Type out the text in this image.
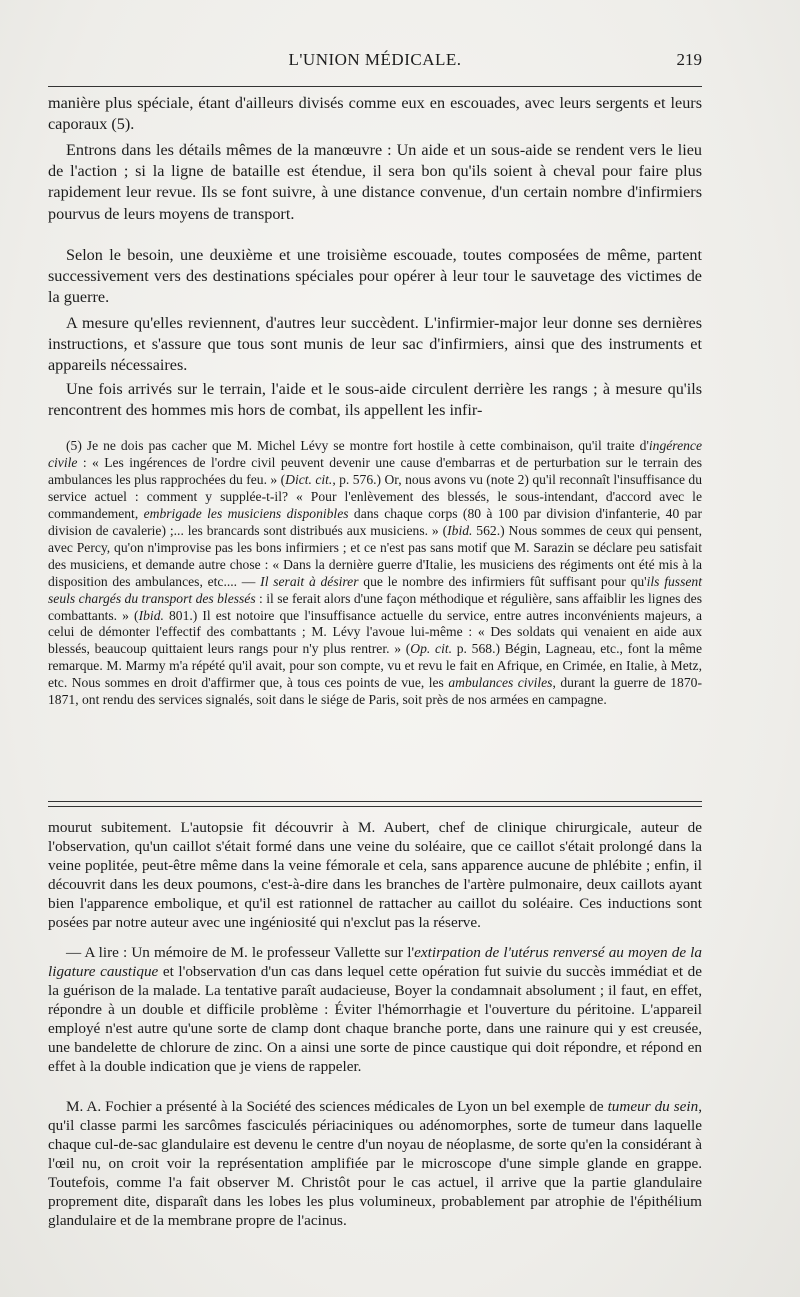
L'UNION MÉDICALE.	219

manière plus spéciale, étant d'ailleurs divisés comme eux en escouades, avec leurs sergents et leurs caporaux (5).

Entrons dans les détails mêmes de la manœuvre : Un aide et un sous-aide se rendent vers le lieu de l'action ; si la ligne de bataille est étendue, il sera bon qu'ils soient à cheval pour faire plus rapidement leur revue. Ils se font suivre, à une distance convenue, d'un certain nombre d'infirmiers pourvus de leurs moyens de transport.

Selon le besoin, une deuxième et une troisième escouade, toutes composées de même, partent successivement vers des destinations spéciales pour opérer à leur tour le sauvetage des victimes de la guerre.

A mesure qu'elles reviennent, d'autres leur succèdent. L'infirmier-major leur donne ses dernières instructions, et s'assure que tous sont munis de leur sac d'infirmiers, ainsi que des instruments et appareils nécessaires.

Une fois arrivés sur le terrain, l'aide et le sous-aide circulent derrière les rangs ; à mesure qu'ils rencontrent des hommes mis hors de combat, ils appellent les infir-

(5) Je ne dois pas cacher que M. Michel Lévy se montre fort hostile à cette combinaison, qu'il traite d'ingérence civile : « Les ingérences de l'ordre civil peuvent devenir une cause d'embarras et de perturbation sur le terrain des ambulances les plus rapprochées du feu. » (Dict. cit., p. 576.) Or, nous avons vu (note 2) qu'il reconnaît l'insuffisance du service actuel : comment y supplée-t-il? « Pour l'enlèvement des blessés, le sous-intendant, d'accord avec le commandement, embrigade les musiciens disponibles dans chaque corps (80 à 100 par division d'infanterie, 40 par division de cavalerie) ;... les brancards sont distribués aux musiciens. » (Ibid. 562.) Nous sommes de ceux qui pensent, avec Percy, qu'on n'improvise pas les bons infirmiers ; et ce n'est pas sans motif que M. Sarazin se déclare peu satisfait des musiciens, et demande autre chose : « Dans la dernière guerre d'Italie, les musiciens des régiments ont été mis à la disposition des ambulances, etc.... — Il serait à désirer que le nombre des infirmiers fût suffisant pour qu'ils fussent seuls chargés du transport des blessés : il se ferait alors d'une façon méthodique et régulière, sans affaiblir les lignes des combattants. » (Ibid. 801.) Il est notoire que l'insuffisance actuelle du service, entre autres inconvénients majeurs, a celui de démonter l'effectif des combattants ; M. Lévy l'avoue lui-même : « Des soldats qui venaient en aide aux blessés, beaucoup quittaient leurs rangs pour n'y plus rentrer. » (Op. cit. p. 568.) Bégin, Lagneau, etc., font la même remarque. M. Marmy m'a répété qu'il avait, pour son compte, vu et revu le fait en Afrique, en Crimée, en Italie, à Metz, etc. Nous sommes en droit d'affirmer que, à tous ces points de vue, les ambulances civiles, durant la guerre de 1870-1871, ont rendu des services signalés, soit dans le siége de Paris, soit près de nos armées en campagne.

mourut subitement. L'autopsie fit découvrir à M. Aubert, chef de clinique chirurgicale, auteur de l'observation, qu'un caillot s'était formé dans une veine du soléaire, que ce caillot s'était prolongé dans la veine poplitée, peut-être même dans la veine fémorale et cela, sans apparence aucune de phlébite ; enfin, il découvrit dans les deux poumons, c'est-à-dire dans les branches de l'artère pulmonaire, deux caillots ayant bien l'apparence embolique, et qu'il est rationnel de rattacher au caillot du soléaire. Ces inductions sont posées par notre auteur avec une ingéniosité qui n'exclut pas la réserve.

— A lire : Un mémoire de M. le professeur Vallette sur l'extirpation de l'utérus renversé au moyen de la ligature caustique et l'observation d'un cas dans lequel cette opération fut suivie du succès immédiat et de la guérison de la malade. La tentative paraît audacieuse, Boyer la condamnait absolument ; il faut, en effet, répondre à un double et difficile problème : Éviter l'hémorrhagie et l'ouverture du péritoine. L'appareil employé n'est autre qu'une sorte de clamp dont chaque branche porte, dans une rainure qui y est creusée, une bandelette de chlorure de zinc. On a ainsi une sorte de pince caustique qui doit répondre, et répond en effet à la double indication que je viens de rappeler.

M. A. Fochier a présenté à la Société des sciences médicales de Lyon un bel exemple de tumeur du sein, qu'il classe parmi les sarcômes fasciculés périaciniques ou adénomorphes, sorte de tumeur dans laquelle chaque cul-de-sac glandulaire est devenu le centre d'un noyau de néoplasme, de sorte qu'en la considérant à l'œil nu, on croit voir la représentation amplifiée par le microscope d'une simple glande en grappe. Toutefois, comme l'a fait observer M. Christôt pour le cas actuel, il arrive que la partie glandulaire proprement dite, disparaît dans les lobes les plus volumineux, probablement par atrophie de l'épithélium glandulaire et de la membrane propre de l'acinus.
